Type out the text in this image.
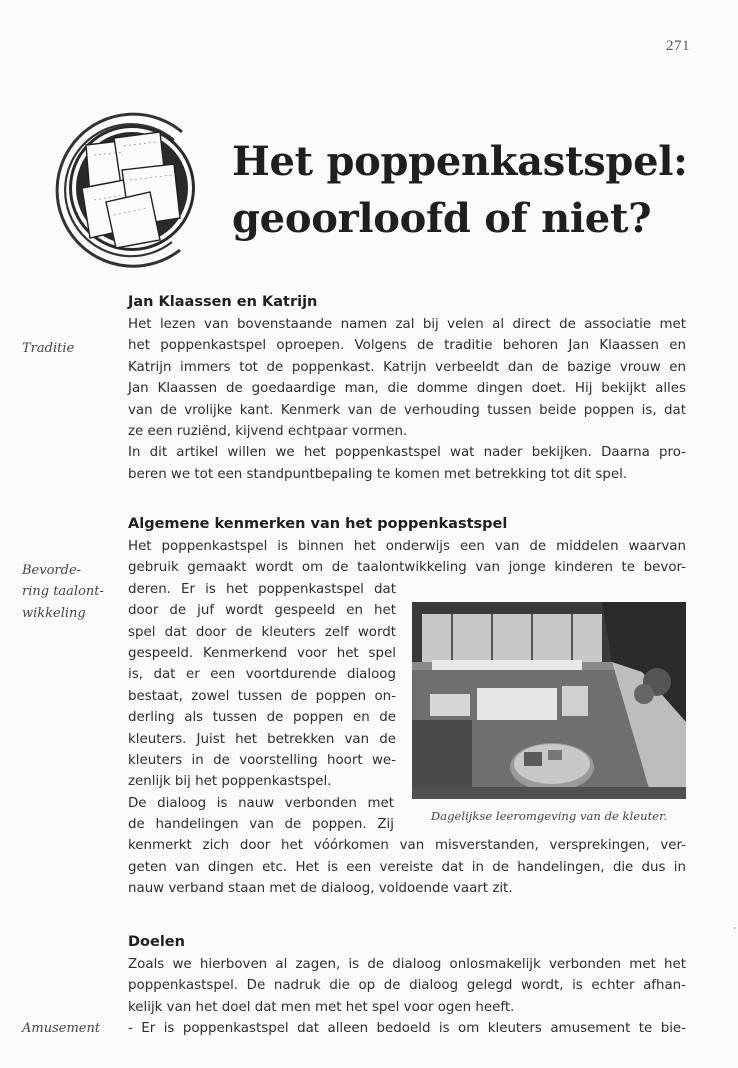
271
Het poppenkastspel:
geoorloofd of niet?
Traditie
Bevorde-
ring taalont-
wikkeling
Amusement
Jan Klaassen en Katrijn
Het lezen van bovenstaande namen zal bij velen al direct de associatie met
het poppenkastspel oproepen. Volgens de traditie behoren Jan Klaassen en
Katrijn immers tot de poppenkast. Katrijn verbeeldt dan de bazige vrouw en
Jan Klaassen de goedaardige man, die domme dingen doet. Hij bekijkt alles
van de vrolijke kant. Kenmerk van de verhouding tussen beide poppen is, dat
ze een ruziënd, kijvend echtpaar vormen.
In dit artikel willen we het poppenkastspel wat nader bekijken. Daarna pro-
beren we tot een standpuntbepaling te komen met betrekking tot dit spel.
Algemene kenmerken van het poppenkastspel
Het poppenkastspel is binnen het onderwijs een van de middelen waarvan
gebruik gemaakt wordt om de taalontwikkeling van jonge kinderen te bevor-
deren. Er is het poppenkastspel dat
door de juf wordt gespeeld en het
spel dat door de kleuters zelf wordt
gespeeld. Kenmerkend voor het spel
is, dat er een voortdurende dialoog
bestaat, zowel tussen de poppen on-
derling als tussen de poppen en de
kleuters. Juist het betrekken van de
kleuters in de voorstelling hoort we-
zenlijk bij het poppenkastspel.
De dialoog is nauw verbonden met
de handelingen van de poppen. Zij
kenmerkt zich door het vóórkomen van misverstanden, versprekingen, ver-
geten van dingen etc. Het is een vereiste dat in de handelingen, die dus in
nauw verband staan met de dialoog, voldoende vaart zit.
Doelen
Zoals we hierboven al zagen, is de dialoog onlosmakelijk verbonden met het
poppenkastspel. De nadruk die op de dialoog gelegd wordt, is echter afhan-
kelijk van het doel dat men met het spel voor ogen heeft.
- Er is poppenkastspel dat alleen bedoeld is om kleuters amusement te bie-
Dagelijkse leeromgeving van de kleuter.
'
